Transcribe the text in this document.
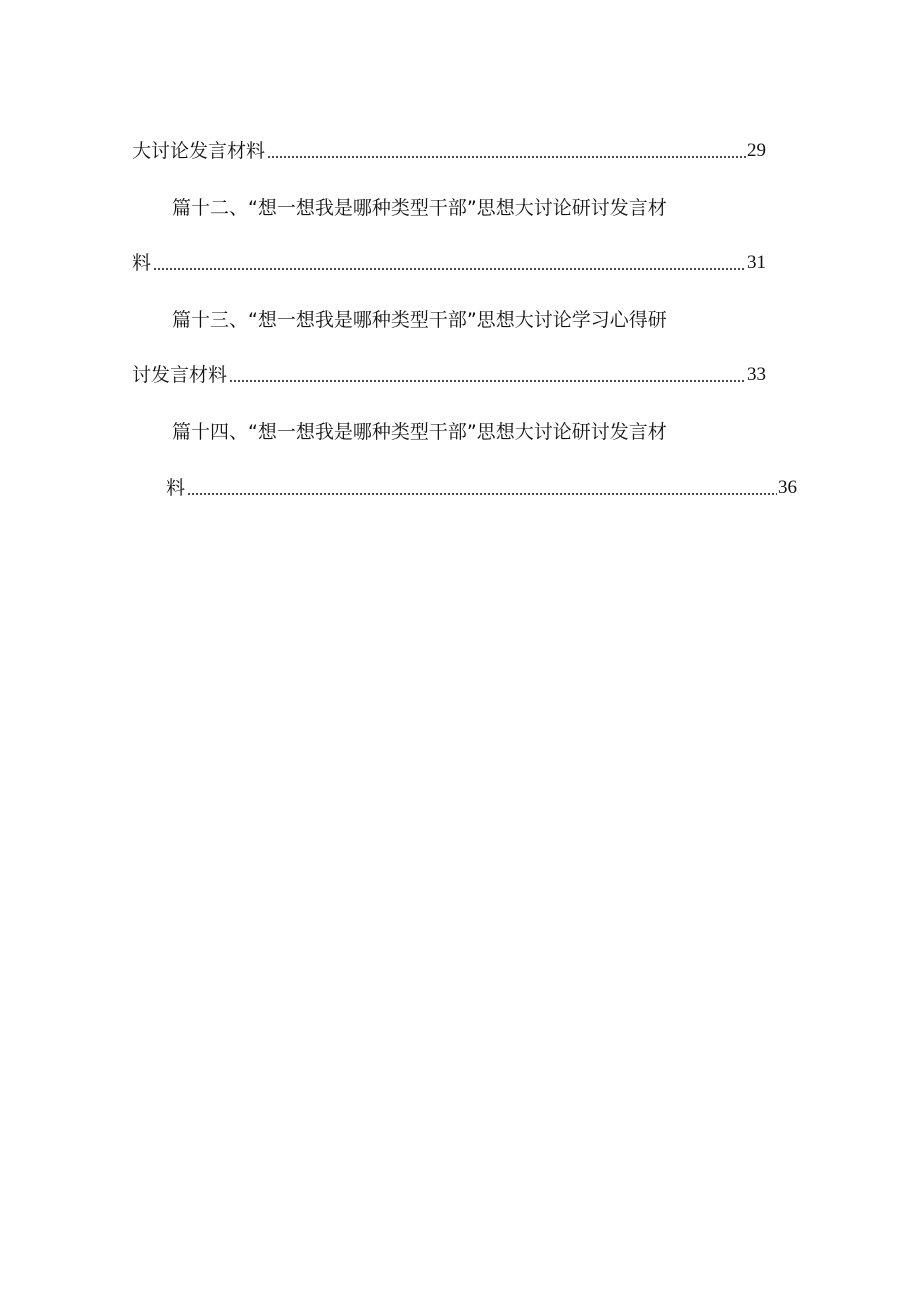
大讨论发言材料	29
篇十二、“想一想我是哪种类型干部”思想大讨论研讨发言材
料	31
篇十三、“想一想我是哪种类型干部”思想大讨论学习心得研
讨发言材料	33
篇十四、“想一想我是哪种类型干部”思想大讨论研讨发言材
料	36
